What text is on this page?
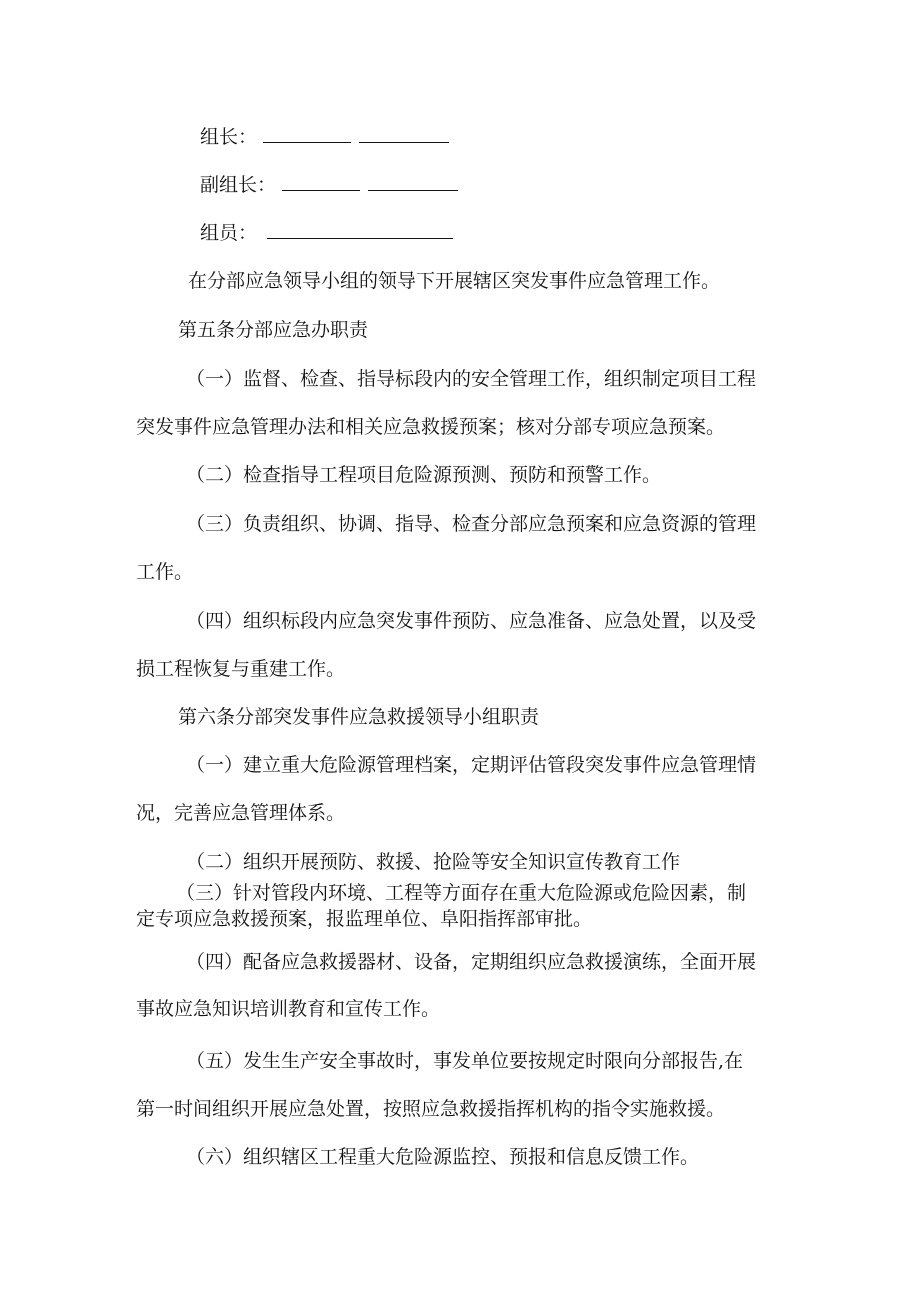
组长：
副组长：
组员：
在分部应急领导小组的领导下开展辖区突发事件应急管理工作。
第五条分部应急办职责
（一）监督、检查、指导标段内的安全管理工作，组织制定项目工程
突发事件应急管理办法和相关应急救援预案；核对分部专项应急预案。
（二）检查指导工程项目危险源预测、预防和预警工作。
（三）负责组织、协调、指导、检查分部应急预案和应急资源的管理
工作。
（四）组织标段内应急突发事件预防、应急准备、应急处置，以及受
损工程恢复与重建工作。
第六条分部突发事件应急救援领导小组职责
（一）建立重大危险源管理档案，定期评估管段突发事件应急管理情
况，完善应急管理体系。
（二）组织开展预防、救援、抢险等安全知识宣传教育工作
（三）针对管段内环境、工程等方面存在重大危险源或危险因素，制
定专项应急救援预案，报监理单位、阜阳指挥部审批。
（四）配备应急救援器材、设备，定期组织应急救援演练，全面开展
事故应急知识培训教育和宣传工作。
（五）发生生产安全事故时，事发单位要按规定时限向分部报告,在
第一时间组织开展应急处置，按照应急救援指挥机构的指令实施救援。
（六）组织辖区工程重大危险源监控、预报和信息反馈工作。
